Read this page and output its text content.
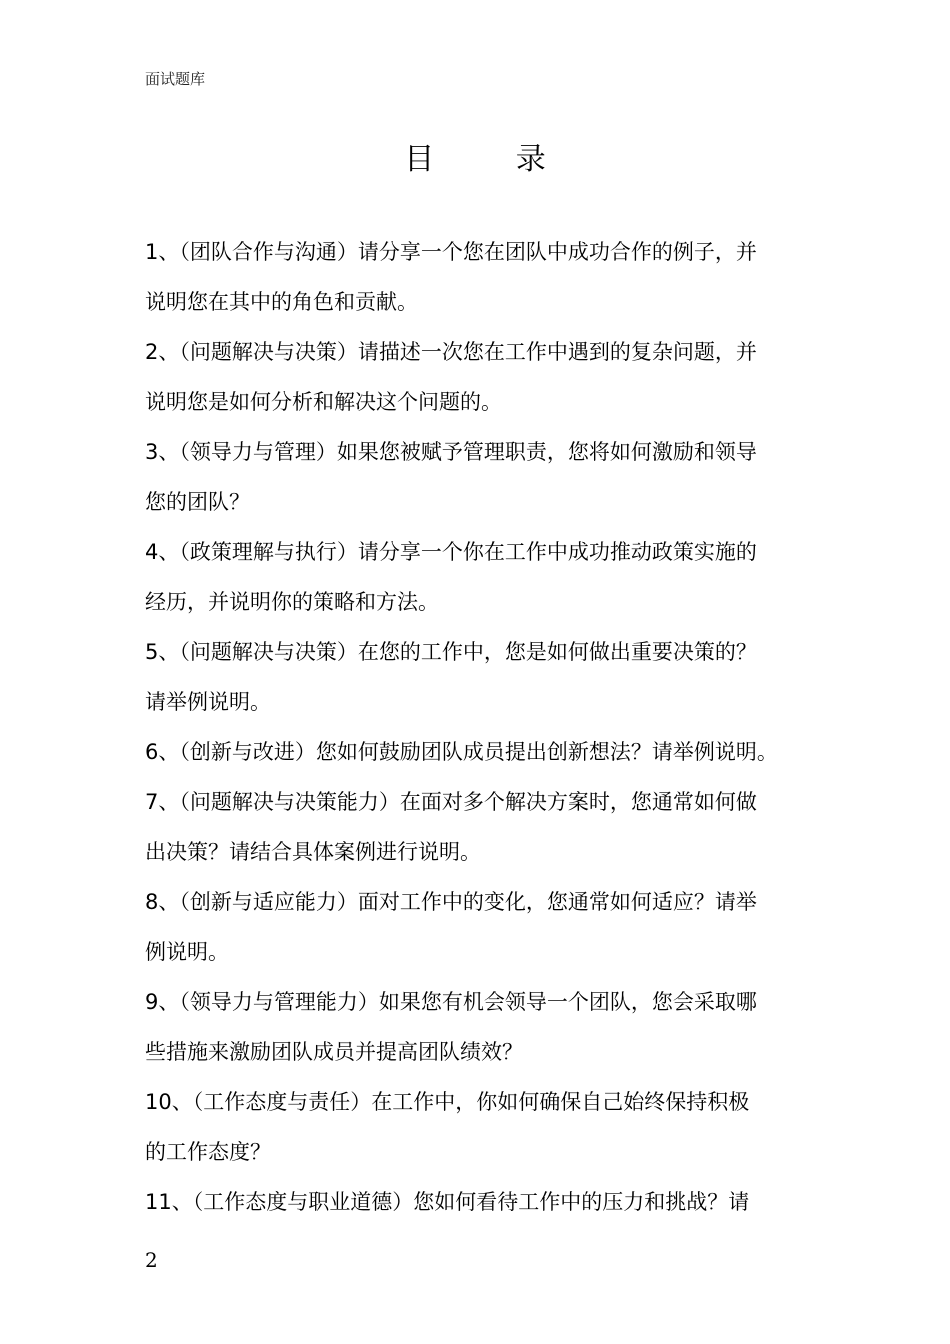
面试题库
目 录
1、（团队合作与沟通）请分享一个您在团队中成功合作的例子，并
说明您在其中的角色和贡献。
2、（问题解决与决策）请描述一次您在工作中遇到的复杂问题，并
说明您是如何分析和解决这个问题的。
3、（领导力与管理）如果您被赋予管理职责，您将如何激励和领导
您的团队？
4、（政策理解与执行）请分享一个你在工作中成功推动政策实施的
经历，并说明你的策略和方法。
5、（问题解决与决策）在您的工作中，您是如何做出重要决策的？
请举例说明。
6、（创新与改进）您如何鼓励团队成员提出创新想法？请举例说明。
7、（问题解决与决策能力）在面对多个解决方案时，您通常如何做
出决策？请结合具体案例进行说明。
8、（创新与适应能力）面对工作中的变化，您通常如何适应？请举
例说明。
9、（领导力与管理能力）如果您有机会领导一个团队，您会采取哪
些措施来激励团队成员并提高团队绩效？
10、（工作态度与责任）在工作中，你如何确保自己始终保持积极
的工作态度？
11、（工作态度与职业道德）您如何看待工作中的压力和挑战？请
2
